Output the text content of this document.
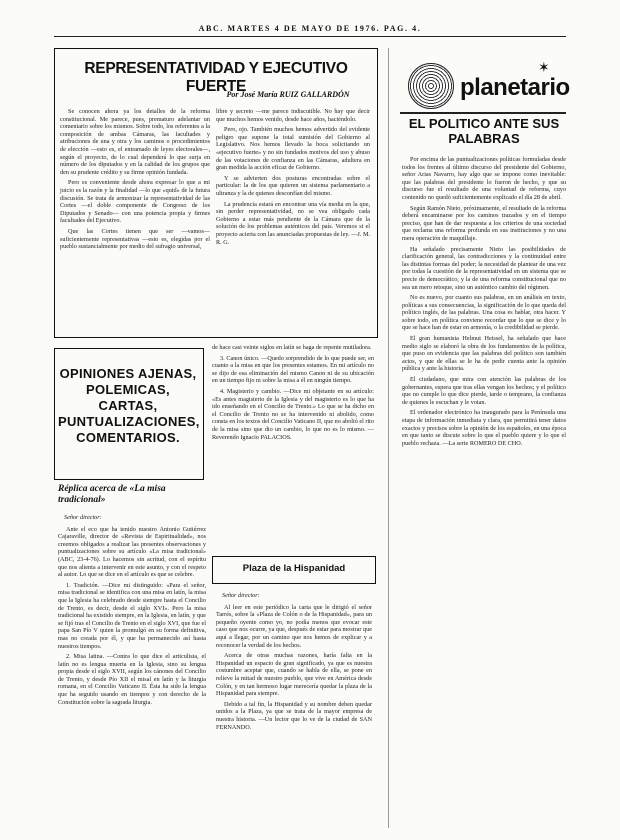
ABC. MARTES 4 DE MAYO DE 1976. PAG. 4.
REPRESENTATIVIDAD Y EJECUTIVO FUERTE
Por José María RUIZ GALLARDÓN

Se conocen ahora ya los detalles de la reforma constitucional. Me parece, pues, prematuro adelantar un comentario sobre los mismos. Sobre todo, los referentes a la composición de ambas Cámaras, las facultades y atribuciones de una y otra y los caminos o procedimientos de elección —esto es, el entramado de leyes electorales—, según el proyecto, de lo cual dependerá lo que surja en número de los diputados y en la calidad de los grupos que den su prudente crédito y su firme opinión fundada.

Pero es conveniente desde ahora expresar lo que a mi juicio es la razón y la finalidad —lo que «quid» de la futura discusión. Se trata de armonizar la representatividad de las Cortes —el doble componente de Congreso de los Diputados y Senado— con una potencia propia y firmes facultades del Ejecutivo.

Que las Cortes tienen que ser —vamos— suficientemente representativas —esto es, elegidas por el pueblo sustancialmente por medio del sufragio universal,

libre y secreto —me parece indiscutible. No hay que decir que muchos hemos venido, desde hace años, haciéndolo.

Pero, ojo. También muchos hemos advertido del evidente peligro que supone la total sumisión del Gobierno al Legislativo. Nos hemos llevado la boca solicitando un «ejecutivo fuerte» y no sin fundados motivos del uso y abuso de las votaciones de confianza en las Cámaras, adultera en gran medida la acción eficaz de Gobierno.

Y se advierten dos posturas encontradas sobre el particular: la de los que quieren un sistema parlamentario a ultranza y la de quienes desconfían del mismo.

La prudencia estará en encontrar una vía media en la que, sin perder representatividad, no se vea obligado cada Gobierno a estar más pendiente de la Cámara que de la solución de los problemas auténticos del país. Veremos si el proyecto acierta con las anunciadas propuestas de ley. —J. M. R. G.

OPINIONES AJENAS, POLEMICAS, CARTAS, PUNTUALIZACIONES, COMENTARIOS.
Réplica acerca de «La misa tradicional»
Señor director:

Ante el eco que ha tenido nuestro Antonio Gutiérrez Cajaraville, director de «Revista de Espiritualidad», nos creemos obligados a realizar las presentes observaciones y puntualizaciones sobre su artículo «La misa tradicional» (ABC, 23-4-76). Lo hacemos sin acritud, con el espíritu que nos alienta a intervenir en este asunto, y con el respeto al autor. Lo que se dice en el artículo es que se celebre.

1. Tradición. —Dice mi distinguido: «Para el señor, misa tradicional se identifica con una misa en latín, la misa que la Iglesia ha celebrado desde siempre hasta el Concilio de Trento, es decir, desde el siglo XVI». Pero la misa tradicional ha existido siempre, en la Iglesia, en latín, y que se fijó tras el Concilio de Trento en el siglo XVI, que fue el papa San Pío V quien la promulgó en su forma definitiva, mas no creada por él, y que ha permanecido así hasta nuestros tiempos.

2. Misa latina. —Contra lo que dice el articulista, el latín no es lengua muerta en la Iglesia, sino su lengua propia desde el siglo XVII, según los cánones del Concilio de Trento, y desde Pío XII el misal en latín y la liturgia romana, en el Concilio Vaticano II. Ésta ha sido la lengua que ha seguido usando en tiempos y con derecho de la Constitución sobre la sagrada liturgia.

de hace casi veinte siglos en latín se haga de repente mutiladora.

3. Canon único. —Quedo sorprendido de lo que puede ser, en cuanto a la misa en que los presentes estamos. En mi artículo no se dijo de esa eliminación del mismo Canon ni de su ubicación en un tiempo fijo ni sobre la misa a él en ningún tiempo.

4. Magisterio y cambio. —Dice mi objetante en su artículo: «Es antes magisterio de la Iglesia y del magisterio es lo que ha ido enseñando en el Concilio de Trento.» Lo que se ha dicho en el Concilio de Trento no se ha intervenido ni abolido, como consta en los textos del Concilio Vaticano II, que no abolió el rito de la misa sino que dio un cambio, lo que no es lo mismo. —Reverendo Ignacio PALACIOS.

Plaza de la Hispanidad
Señor director:

Al leer en este periódico la carta que le dirigió el señor Tarrés, sobre la «Plaza de Colón o de la Hispanidad», para un pequeño oyente como yo, no podía menos que evocar este caso que nos ocurre, ya que, después de estar para mostrar que aquí a llegar, por un camino que nos hemos de explicar y a reconocer la verdad de los hechos.

Acerca de otras muchas razones, haría falta en la Hispanidad un espacio de gran significado, ya que es nuestra costumbre aceptar que, cuando se habla de ella, se pone en relieve la mitad de nuestro pueblo, que vive en América desde Colón, y en tan hermoso lugar merecería quedar la plaza de la Hispanidad para siempre.

Debido a tal fin, la Hispanidad y su nombre deben quedar unidos a la Plaza, ya que se trata de la mayor empresa de nuestra historia. —Un lector que lo ve de la ciudad de SAN FERNANDO.

planetario
✶
EL POLITICO ANTE SUS PALABRAS

Por encima de las puntualizaciones políticas formuladas desde todos los frentes al último discurso del presidente del Gobierno, señor Arias Navarro, hay algo que se impone como inevitable: que las palabras del presidente lo fueron de hecho, y que su discurso fue el resultado de una voluntad de reforma, cuyo contenido no quedó suficientemente explicado el día 28 de abril.

Según Ramón Nieto, próximamente, el resultado de la reforma deberá encaminarse por los caminos trazados y en el tiempo preciso, que han de dar respuesta a los criterios de una sociedad que reclama una reforma profunda en sus instituciones y no una mera operación de maquillaje.

Ha señalado precisamente Nieto las posibilidades de clarificación general, las contradicciones y la continuidad entre las distintas formas del poder; la necesidad de plantear de una vez por todas la cuestión de la representatividad en un sistema que se precie de democrático, y la de una reforma constitucional que no sea un mero retoque, sino un auténtico cambio del régimen.

No es nuevo, por cuanto sus palabras, en un análisis en texto, políticas a sus consecuencias, la significación de lo que queda del político inglés, de las palabras. Una cosa es hablar, otra hacer. Y sobre todo, en política conviene recordar que lo que se dice y lo que se hace han de estar en armonía, o la credibilidad se pierde.

El gran humanista Helmut Heissel, ha señalado que hace medio siglo se elaboró la obra de los fundamentos de la política, que puso en evidencia que las palabras del político son también actos, y que de ellas se le ha de pedir cuenta ante la opinión pública y ante la historia.

El ciudadano, que mira con atención las palabras de los gobernantes, espera que tras ellas vengan los hechos; y el político que no cumple lo que dice pierde, tarde o temprano, la confianza de quienes le escuchan y le votan.

El ordenador electrónico ha inaugurado para la Península una etapa de información inmediata y clara, que permitirá tener datos exactos y precisos sobre la opinión de los españoles, en una época en que tanto se discute sobre lo que el pueblo quiere y lo que el pueblo rechaza. —La serie ROMERO DE CHO.
